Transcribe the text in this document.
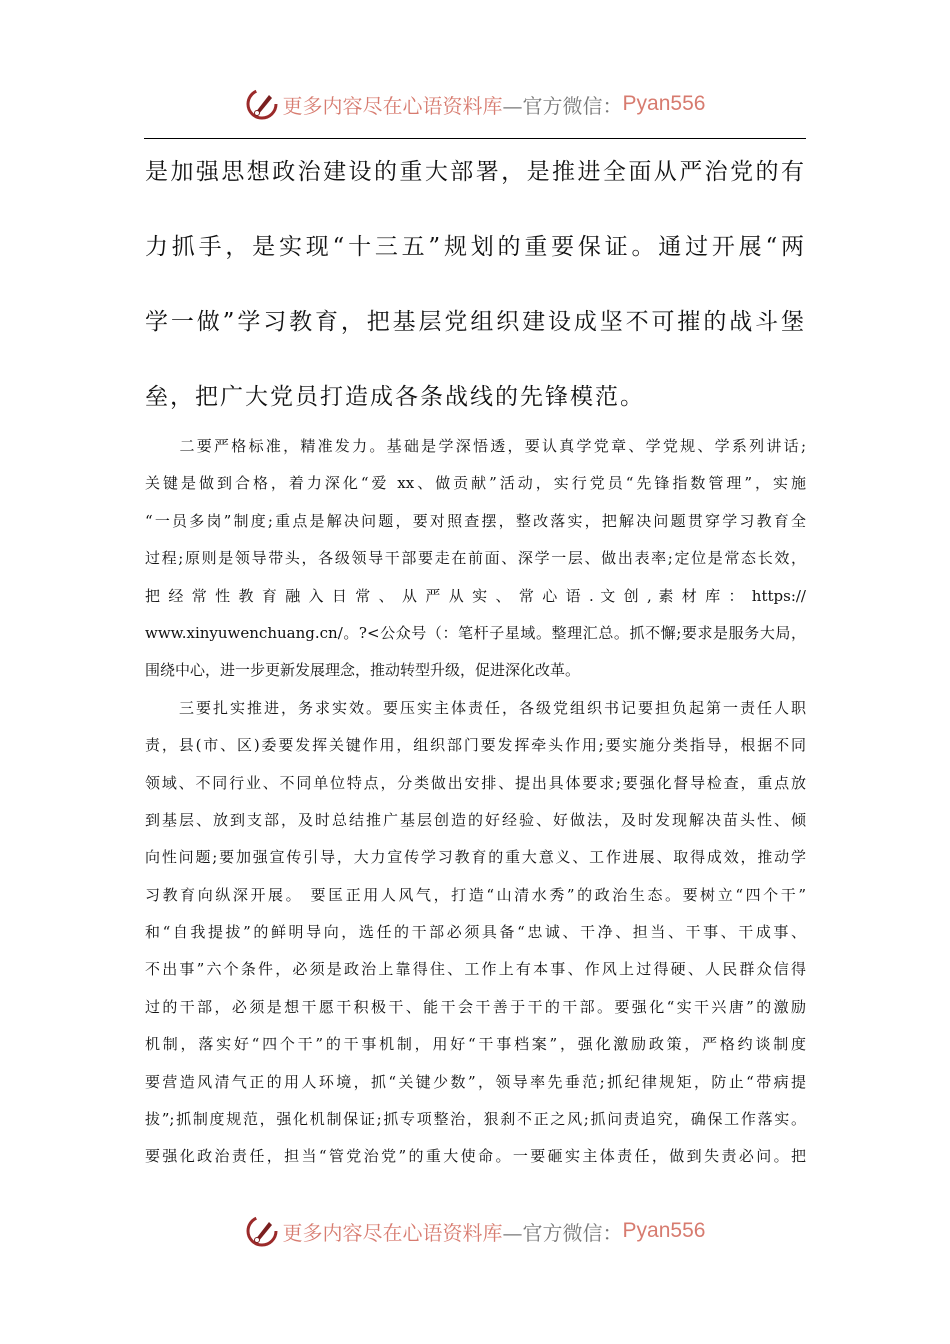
更多内容尽在心语资料库 —官方微信： Pyan556
是加强思想政治建设的重大部署，是推进全面从严治党的有
力抓手，是实现“十三五”规划的重要保证。通过开展“两
学一做”学习教育，把基层党组织建设成坚不可摧的战斗堡
垒，把广大党员打造成各条战线的先锋模范。
　　二要严格标准，精准发力。基础是学深悟透，要认真学党章、学党规、学系列讲话;
关键是做到合格，着力深化“爱 xx、做贡献”活动，实行党员“先锋指数管理”，实施
“一员多岗”制度;重点是解决问题，要对照查摆，整改落实，把解决问题贯穿学习教育全
过程;原则是领导带头，各级领导干部要走在前面、深学一层、做出表率;定位是常态长效，
把 经 常 性 教 育 融 入 日 常 、 从 严 从 实 、 常 心 语 . 文 创 , 素 材 库 ： https://
www.xinyuwenchuang.cn/。?<公众号（：笔杆子星域。整理汇总。抓不懈;要求是服务大局，
围绕中心，进一步更新发展理念，推动转型升级，促进深化改革。
　　三要扎实推进，务求实效。要压实主体责任，各级党组织书记要担负起第一责任人职
责，县(市、区)委要发挥关键作用，组织部门要发挥牵头作用;要实施分类指导，根据不同
领域、不同行业、不同单位特点，分类做出安排、提出具体要求;要强化督导检查，重点放
到基层、放到支部，及时总结推广基层创造的好经验、好做法，及时发现解决苗头性、倾
向性问题;要加强宣传引导，大力宣传学习教育的重大意义、工作进展、取得成效，推动学
习教育向纵深开展。 要匡正用人风气，打造“山清水秀”的政治生态。要树立“四个干”
和“自我提拔”的鲜明导向，选任的干部必须具备“忠诚、干净、担当、干事、干成事、
不出事”六个条件，必须是政治上靠得住、工作上有本事、作风上过得硬、人民群众信得
过的干部，必须是想干愿干积极干、能干会干善于干的干部。要强化“实干兴唐”的激励
机制，落实好“四个干”的干事机制，用好“干事档案”，强化激励政策，严格约谈制度
要营造风清气正的用人环境，抓“关键少数”，领导率先垂范;抓纪律规矩，防止“带病提
拔”;抓制度规范，强化机制保证;抓专项整治，狠刹不正之风;抓问责追究，确保工作落实。
要强化政治责任，担当“管党治党”的重大使命。一要砸实主体责任，做到失责必问。把
更多内容尽在心语资料库 —官方微信： Pyan556
